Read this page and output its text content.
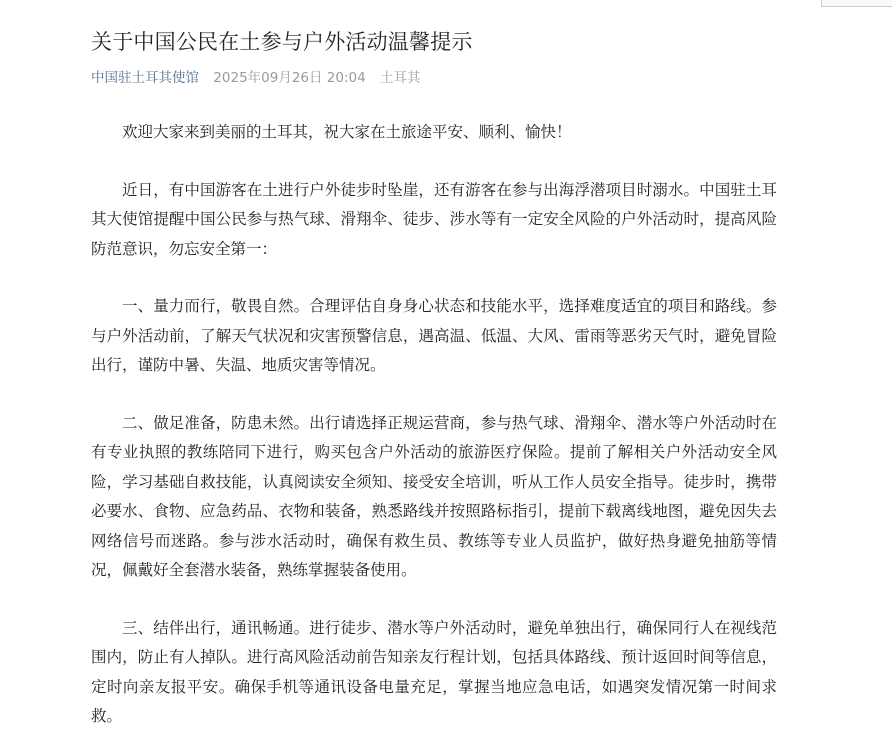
关于中国公民在土参与户外活动温馨提示
中国驻土耳其使馆 2025年09月26日 20:04 土耳其

欢迎大家来到美丽的土耳其，祝大家在土旅途平安、顺利、愉快！

近日，有中国游客在土进行户外徒步时坠崖，还有游客在参与出海浮潜项目时溺水。中国驻土耳其大使馆提醒中国公民参与热气球、滑翔伞、徒步、涉水等有一定安全风险的户外活动时，提高风险防范意识，勿忘安全第一：

一、量力而行，敬畏自然。合理评估自身身心状态和技能水平，选择难度适宜的项目和路线。参与户外活动前，了解天气状况和灾害预警信息，遇高温、低温、大风、雷雨等恶劣天气时，避免冒险出行，谨防中暑、失温、地质灾害等情况。

二、做足准备，防患未然。出行请选择正规运营商，参与热气球、滑翔伞、潜水等户外活动时在有专业执照的教练陪同下进行，购买包含户外活动的旅游医疗保险。提前了解相关户外活动安全风险，学习基础自救技能，认真阅读安全须知、接受安全培训，听从工作人员安全指导。徒步时，携带必要水、食物、应急药品、衣物和装备，熟悉路线并按照路标指引，提前下载离线地图，避免因失去网络信号而迷路。参与涉水活动时，确保有救生员、教练等专业人员监护，做好热身避免抽筋等情况，佩戴好全套潜水装备，熟练掌握装备使用。

三、结伴出行，通讯畅通。进行徒步、潜水等户外活动时，避免单独出行，确保同行人在视线范围内，防止有人掉队。进行高风险活动前告知亲友行程计划，包括具体路线、预计返回时间等信息，定时向亲友报平安。确保手机等通讯设备电量充足，掌握当地应急电话，如遇突发情况第一时间求救。
